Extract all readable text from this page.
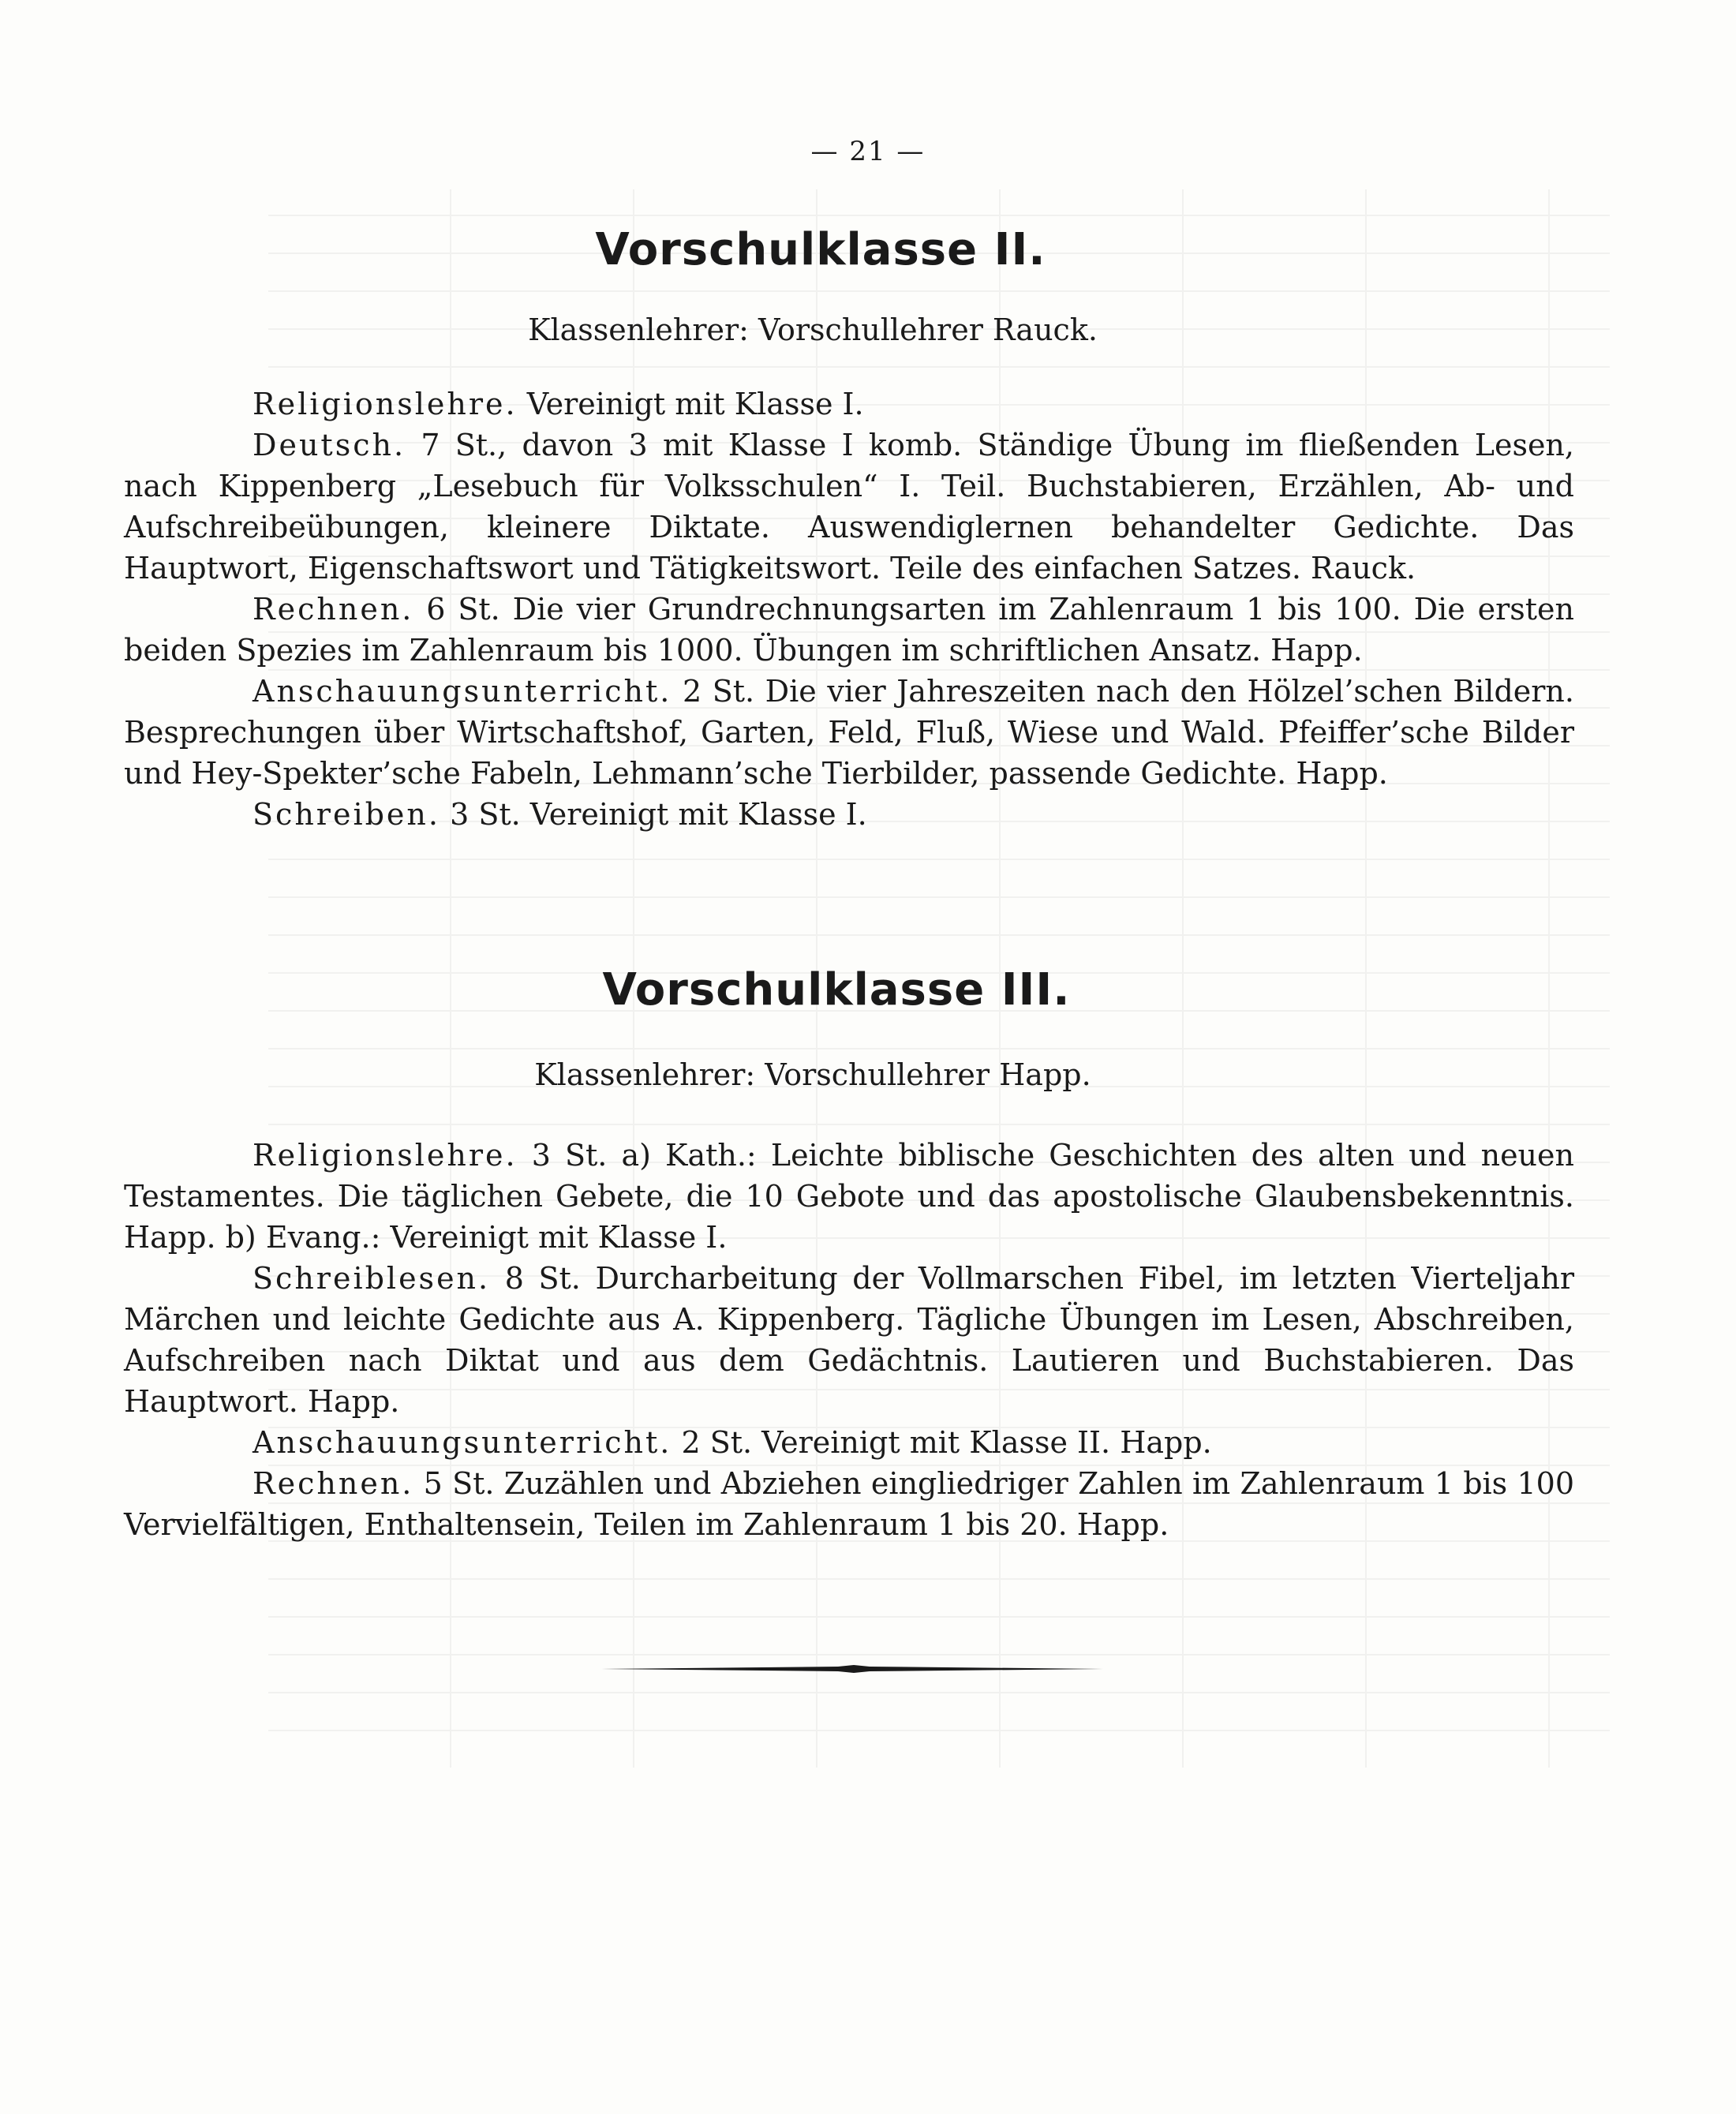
— 21 —
Vorschulklasse II.
Klassenlehrer: Vorschullehrer Rauck.

Religionslehre. Vereinigt mit Klasse I.

Deutsch. 7 St., davon 3 mit Klasse I komb. Ständige Übung im fließenden Lesen, nach Kippenberg „Lesebuch für Volksschulen“ I. Teil. Buchstabieren, Erzählen, Ab- und Aufschreibeübungen, kleinere Diktate. Auswendiglernen behandelter Gedichte. Das Hauptwort, Eigenschaftswort und Tätigkeitswort. Teile des einfachen Satzes. Rauck.

Rechnen. 6 St. Die vier Grundrechnungsarten im Zahlenraum 1 bis 100. Die ersten beiden Spezies im Zahlenraum bis 1000. Übungen im schriftlichen Ansatz. Happ.

Anschauungsunterricht. 2 St. Die vier Jahreszeiten nach den Hölzel’schen Bildern. Besprechungen über Wirtschaftshof, Garten, Feld, Fluß, Wiese und Wald. Pfeiffer’sche Bilder und Hey-Spekter’sche Fabeln, Lehmann’sche Tierbilder, passende Gedichte. Happ.

Schreiben. 3 St. Vereinigt mit Klasse I.

Vorschulklasse III.
Klassenlehrer: Vorschullehrer Happ.

Religionslehre. 3 St. a) Kath.: Leichte biblische Geschichten des alten und neuen Testamentes. Die täglichen Gebete, die 10 Gebote und das apostolische Glaubensbekenntnis. Happ. b) Evang.: Vereinigt mit Klasse I.

Schreiblesen. 8 St. Durcharbeitung der Vollmarschen Fibel, im letzten Vierteljahr Märchen und leichte Gedichte aus A. Kippenberg. Tägliche Übungen im Lesen, Abschreiben, Aufschreiben nach Diktat und aus dem Gedächtnis. Lautieren und Buchstabieren. Das Hauptwort. Happ.

Anschauungsunterricht. 2 St. Vereinigt mit Klasse II. Happ.

Rechnen. 5 St. Zuzählen und Abziehen eingliedriger Zahlen im Zahlenraum 1 bis 100 Vervielfältigen, Enthaltensein, Teilen im Zahlenraum 1 bis 20. Happ.
